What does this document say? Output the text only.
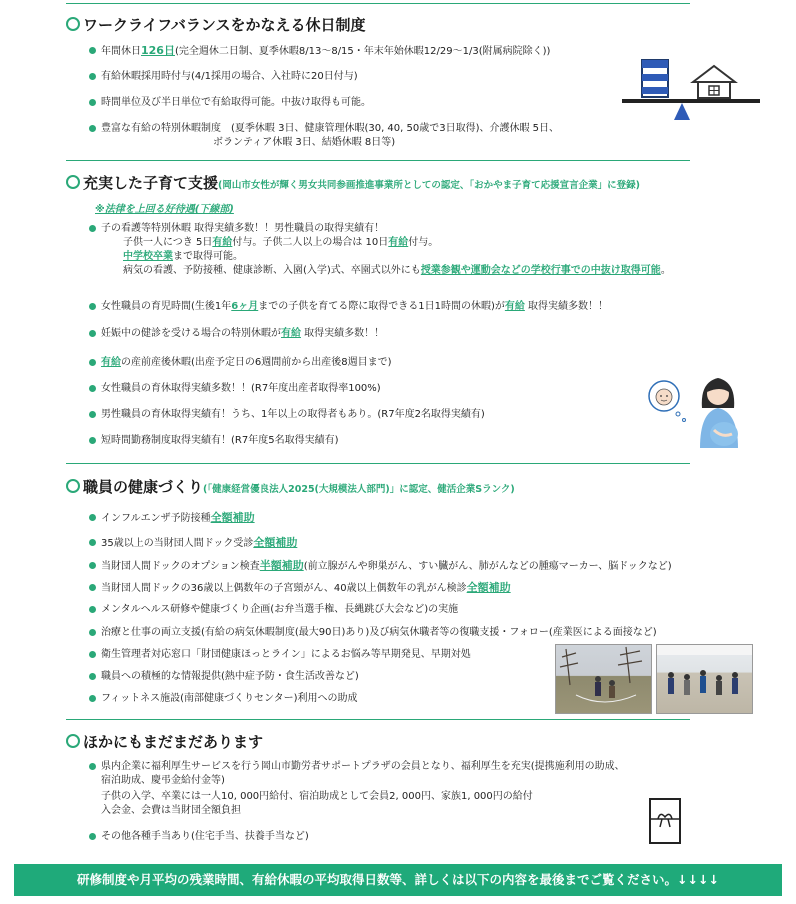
ワークライフバランスをかなえる休日制度
年間休日126日(完全週休二日制、夏季休暇8/13～8/15・年末年始休暇12/29～1/3(附属病院除く))
有給休暇採用時付与(4/1採用の場合、入社時に20日付与)
時間単位及び半日単位で有給取得可能。中抜け取得も可能。
豊富な有給の特別休暇制度　(夏季休暇 3日、健康管理休暇(30, 40, 50歳で3日取得)、介護休暇 5日、
ボランティア休暇 3日、結婚休暇 8日等)
充実した子育て支援(岡山市女性が輝く男女共同参画推進事業所としての認定、「おかやま子育て応援宣言企業」に登録)
※法律を上回る好待遇(下線部)
子の看護等特別休暇 取得実績多数！！男性職員の取得実績有！
子供一人につき 5日有給付与。子供二人以上の場合は 10日有給付与。
中学校卒業まで取得可能。
病気の看護、予防接種、健康診断、入園(入学)式、卒園式以外にも授業参観や運動会などの学校行事での中抜け取得可能。
女性職員の育児時間(生後1年6ヶ月までの子供を育てる際に取得できる1日1時間の休暇)が有給 取得実績多数！！
妊娠中の健診を受ける場合の特別休暇が有給 取得実績多数！！
有給の産前産後休暇(出産予定日の6週間前から出産後8週目まで)
女性職員の育休取得実績多数！！(R7年度出産者取得率100%)
男性職員の育休取得実績有！うち、1年以上の取得者もあり。(R7年度2名取得実績有)
短時間勤務制度取得実績有！(R7年度5名取得実績有)
職員の健康づくり(「健康経営優良法人2025(大規模法人部門)」に認定、健活企業Sランク)
インフルエンザ予防接種全額補助
35歳以上の当財団人間ドック受診全額補助
当財団人間ドックのオプション検査半額補助(前立腺がんや卵巣がん、すい臓がん、肺がんなどの腫瘍マーカー、脳ドックなど)
当財団人間ドックの36歳以上偶数年の子宮頸がん、40歳以上偶数年の乳がん検診全額補助
メンタルヘルス研修や健康づくり企画(お弁当選手権、長縄跳び大会など)の実施
治療と仕事の両立支援(有給の病気休暇制度(最大90日)あり)及び病気休職者等の復職支援・フォロー(産業医による面接など)
衛生管理者対応窓口「財団健康ほっとライン」によるお悩み等早期発見、早期対処
職員への積極的な情報提供(熱中症予防・食生活改善など)
フィットネス施設(南部健康づくりセンター)利用への助成
ほかにもまだまだあります
県内企業に福利厚生サービスを行う岡山市勤労者サポートプラザの会員となり、福利厚生を充実(提携施利用の助成、
宿泊助成、慶弔金給付金等)
子供の入学、卒業には一人10, 000円給付、宿泊助成として会員2, 000円、家族1, 000円の給付
入会金、会費は当財団全額負担
その他各種手当あり(住宅手当、扶養手当など)
研修制度や月平均の残業時間、有給休暇の平均取得日数等、詳しくは以下の内容を最後までご覧ください。↓↓↓↓
